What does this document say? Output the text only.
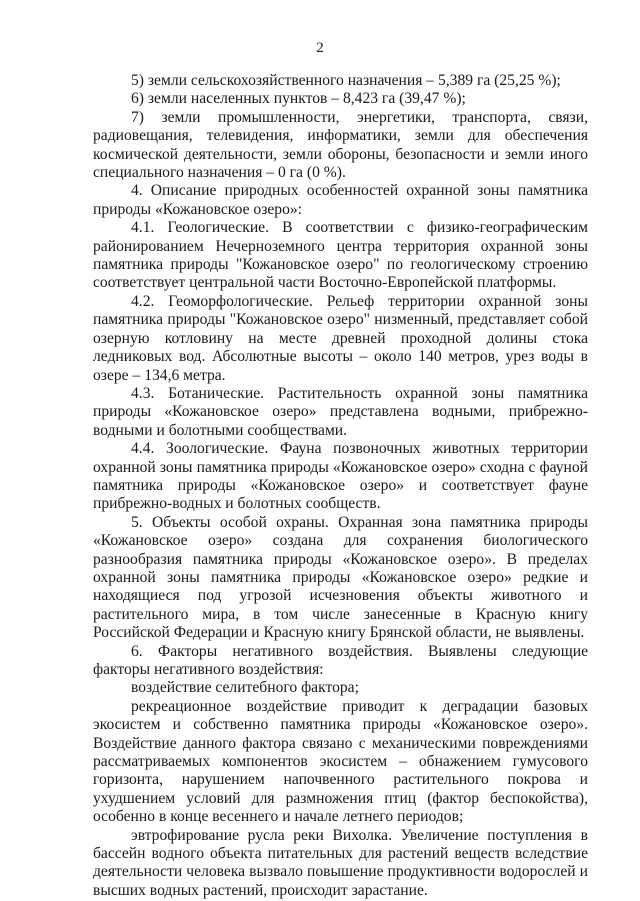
2

5) земли сельскохозяйственного назначения – 5,389 га (25,25 %);

6) земли населенных пунктов – 8,423 га (39,47 %);

7) земли промышленности, энергетики, транспорта, связи, радиовещания, телевидения, информатики, земли для обеспечения космической деятельности, земли обороны, безопасности и земли иного специального назначения – 0 га (0 %).

4. Описание природных особенностей охранной зоны памятника природы «Кожановское озеро»:

4.1. Геологические. В соответствии с физико-географическим районированием Нечерноземного центра территория охранной зоны памятника природы "Кожановское озеро" по геологическому строению соответствует центральной части Восточно-Европейской платформы.

4.2. Геоморфологические. Рельеф территории охранной зоны памятника природы "Кожановское озеро" низменный, представляет собой озерную котловину на месте древней проходной долины стока ледниковых вод. Абсолютные высоты – около 140 метров, урез воды в озере – 134,6 метра.

4.3. Ботанические. Растительность охранной зоны памятника природы «Кожановское озеро» представлена водными, прибрежно-водными и болотными сообществами.

4.4. Зоологические. Фауна позвоночных животных территории охранной зоны памятника природы «Кожановское озеро» сходна с фауной памятника природы «Кожановское озеро» и соответствует фауне прибрежно-водных и болотных сообществ.

5. Объекты особой охраны. Охранная зона памятника природы «Кожановское озеро» создана для сохранения биологического разнообразия памятника природы «Кожановское озеро». В пределах охранной зоны памятника природы «Кожановское озеро» редкие и находящиеся под угрозой исчезновения объекты животного и растительного мира, в том числе занесенные в Красную книгу Российской Федерации и Красную книгу Брянской области, не выявлены.

6. Факторы негативного воздействия. Выявлены следующие факторы негативного воздействия:

воздействие селитебного фактора;

рекреационное воздействие приводит к деградации базовых экосистем и собственно памятника природы «Кожановское озеро». Воздействие данного фактора связано с механическими повреждениями рассматриваемых компонентов экосистем – обнажением гумусового горизонта, нарушением напочвенного растительного покрова и ухудшением условий для размножения птиц (фактор беспокойства), особенно в конце весеннего и начале летнего периодов;

эвтрофирование русла реки Вихолка. Увеличение поступления в бассейн водного объекта питательных для растений веществ вследствие деятельности человека вызвало повышение продуктивности водорослей и высших водных растений, происходит зарастание.
